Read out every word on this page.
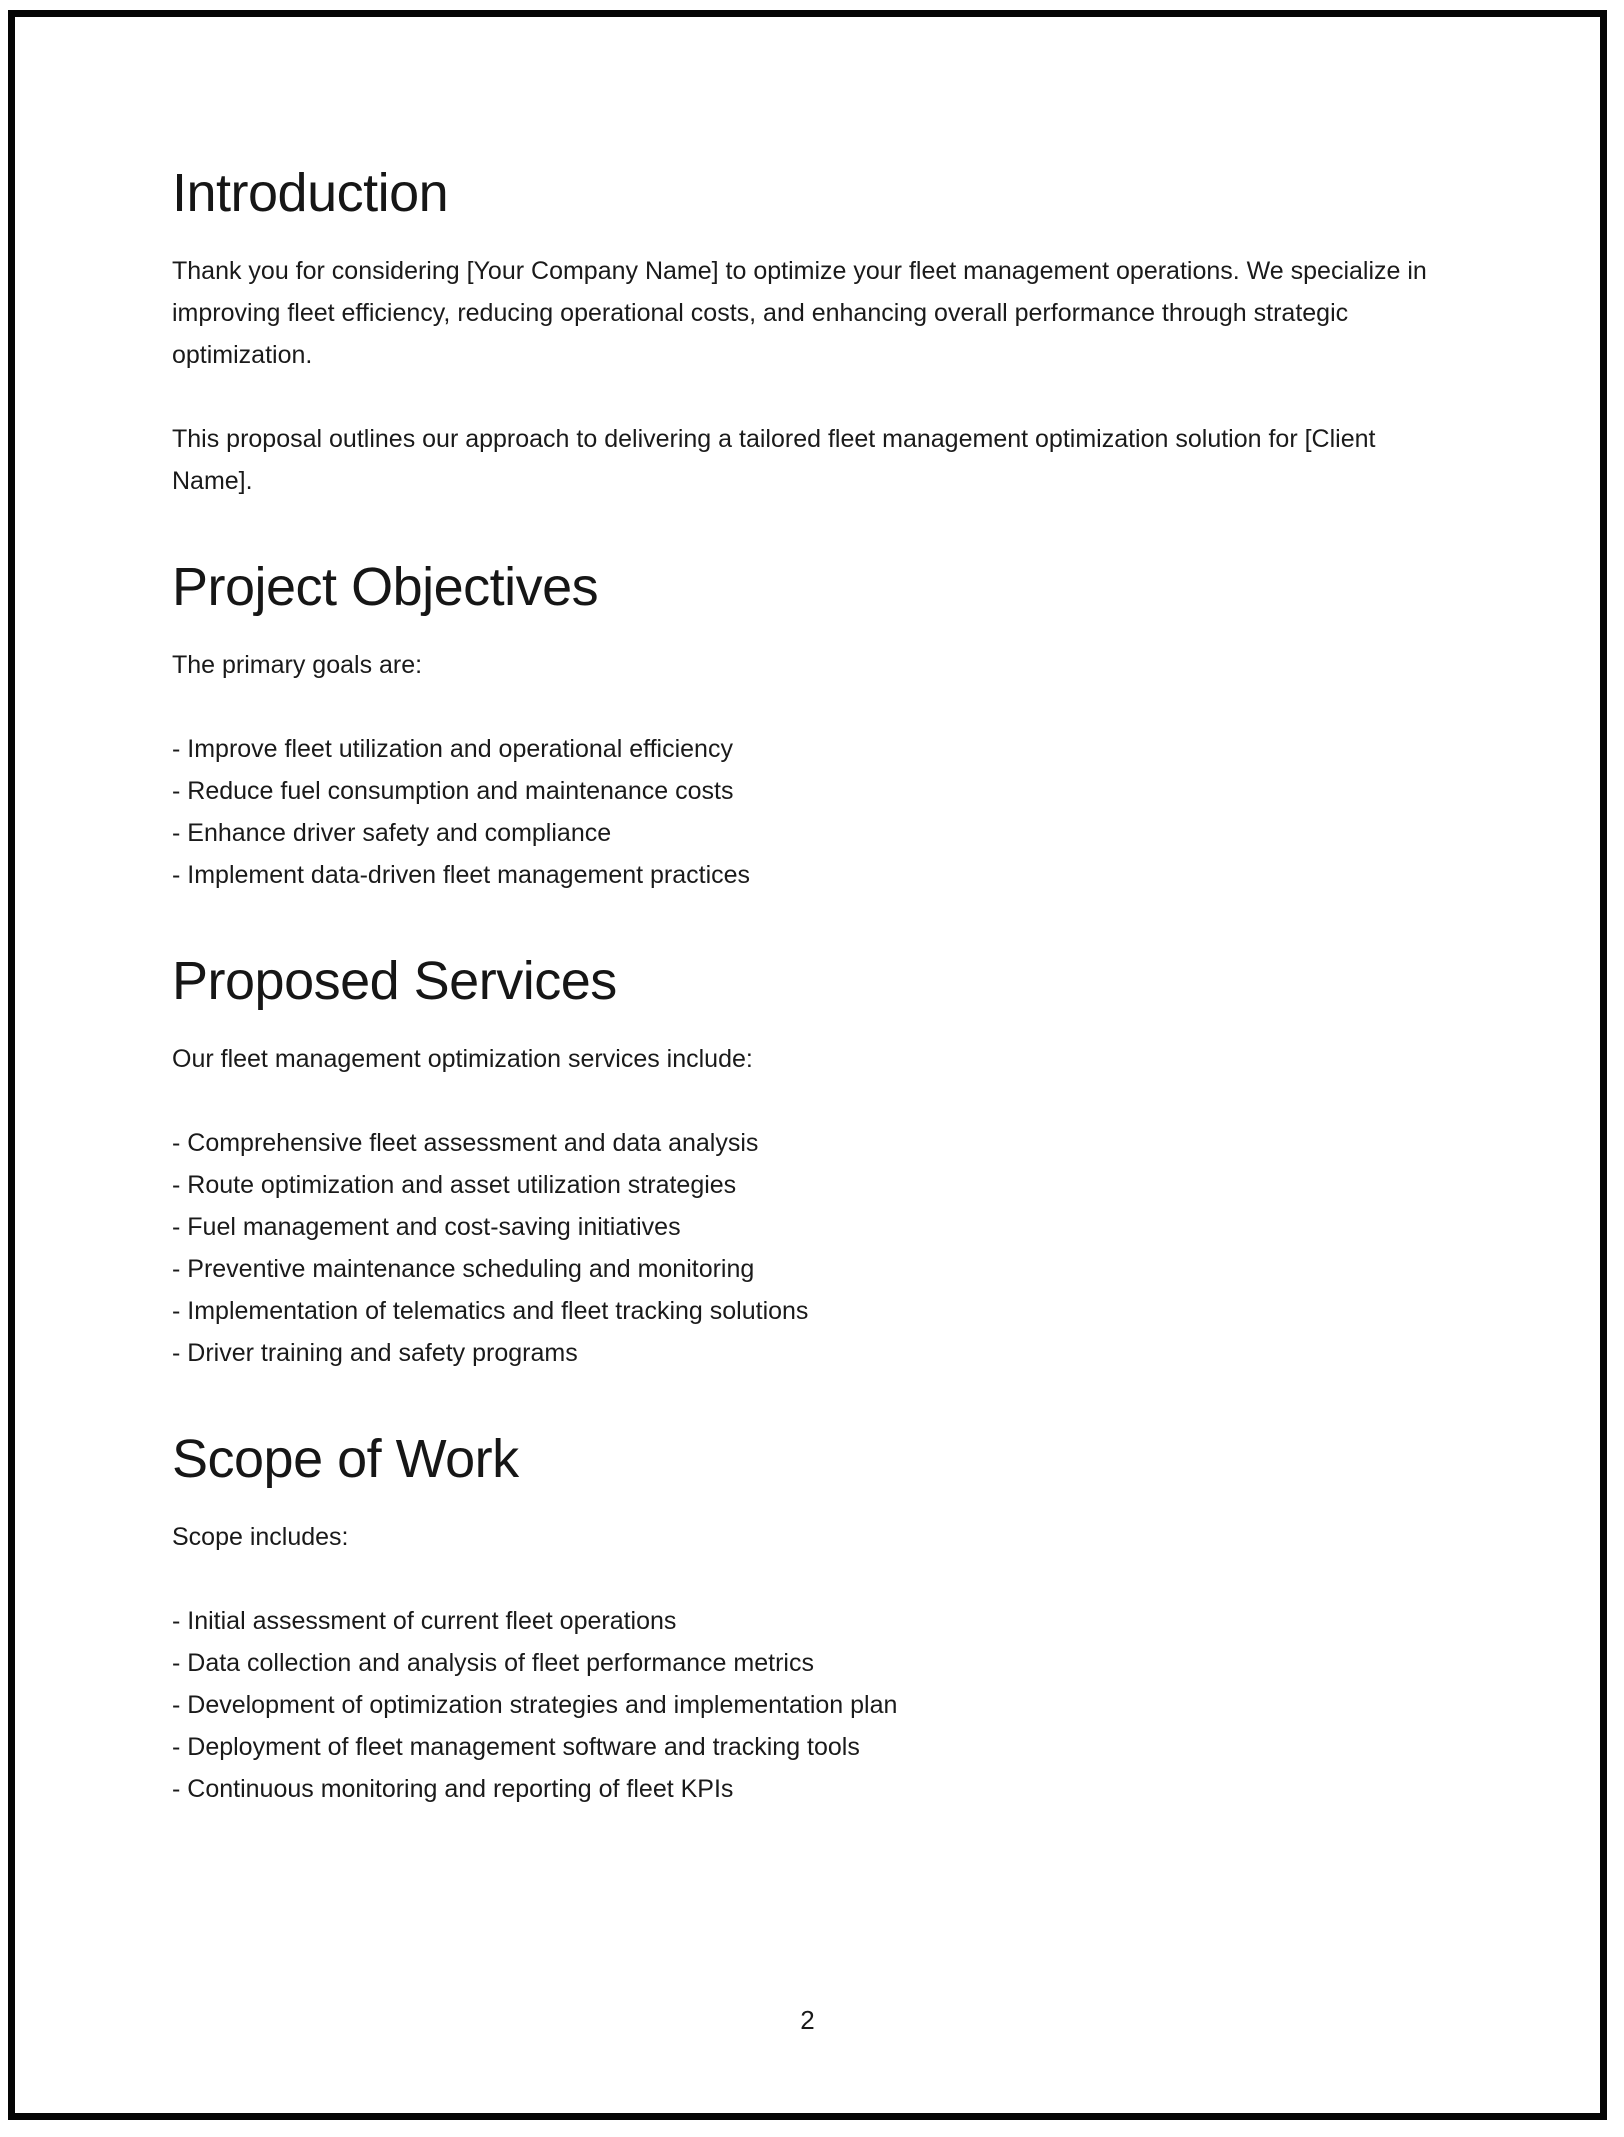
Introduction

Thank you for considering [Your Company Name] to optimize your fleet management operations. We specialize in improving fleet efficiency, reducing operational costs, and enhancing overall performance through strategic optimization.

This proposal outlines our approach to delivering a tailored fleet management optimization solution for [Client Name].

Project Objectives

The primary goals are:

- Improve fleet utilization and operational efficiency
- Reduce fuel consumption and maintenance costs
- Enhance driver safety and compliance
- Implement data-driven fleet management practices
Proposed Services

Our fleet management optimization services include:

- Comprehensive fleet assessment and data analysis
- Route optimization and asset utilization strategies
- Fuel management and cost-saving initiatives
- Preventive maintenance scheduling and monitoring
- Implementation of telematics and fleet tracking solutions
- Driver training and safety programs
Scope of Work

Scope includes:

- Initial assessment of current fleet operations
- Data collection and analysis of fleet performance metrics
- Development of optimization strategies and implementation plan
- Deployment of fleet management software and tracking tools
- Continuous monitoring and reporting of fleet KPIs
2
